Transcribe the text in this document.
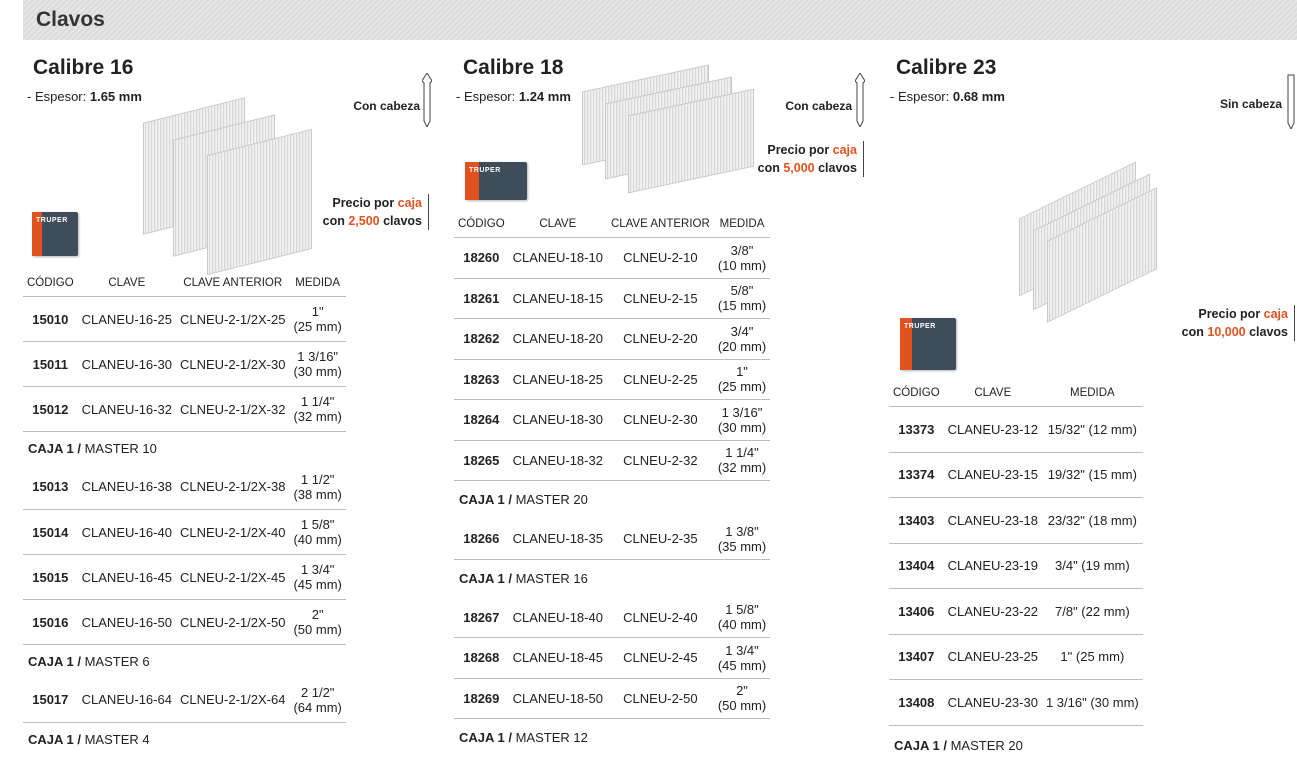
Clavos
Calibre 16
- Espesor: 1.65 mm
Con cabeza
Precio por caja
con 2,500 clavos
TRUPER
CÓDIGO	CLAVE	CLAVE ANTERIOR	MEDIDA
15010	CLANEU-16-25	CLNEU-2-1/2X-25	1"
(25 mm)

15011	CLANEU-16-30	CLNEU-2-1/2X-30	1 3/16"
(30 mm)

15012	CLANEU-16-32	CLNEU-2-1/2X-32	1 1/4"
(32 mm)

CAJA 1 / MASTER 10			
15013	CLANEU-16-38	CLNEU-2-1/2X-38	1 1/2"
(38 mm)

15014	CLANEU-16-40	CLNEU-2-1/2X-40	1 5/8"
(40 mm)

15015	CLANEU-16-45	CLNEU-2-1/2X-45	1 3/4"
(45 mm)

15016	CLANEU-16-50	CLNEU-2-1/2X-50	2"
(50 mm)

CAJA 1 / MASTER 6			
15017	CLANEU-16-64	CLNEU-2-1/2X-64	2 1/2"
(64 mm)

CAJA 1 / MASTER 4			
Calibre 18
- Espesor: 1.24 mm
Con cabeza
Precio por caja
con 5,000 clavos
TRUPER
CÓDIGO	CLAVE	CLAVE ANTERIOR	MEDIDA
18260	CLANEU-18-10	CLNEU-2-10	3/8"
(10 mm)

18261	CLANEU-18-15	CLNEU-2-15	5/8"
(15 mm)

18262	CLANEU-18-20	CLNEU-2-20	3/4"
(20 mm)

18263	CLANEU-18-25	CLNEU-2-25	1"
(25 mm)

18264	CLANEU-18-30	CLNEU-2-30	1 3/16"
(30 mm)

18265	CLANEU-18-32	CLNEU-2-32	1 1/4"
(32 mm)

CAJA 1 / MASTER 20			
18266	CLANEU-18-35	CLNEU-2-35	1 3/8"
(35 mm)

CAJA 1 / MASTER 16			
18267	CLANEU-18-40	CLNEU-2-40	1 5/8"
(40 mm)

18268	CLANEU-18-45	CLNEU-2-45	1 3/4"
(45 mm)

18269	CLANEU-18-50	CLNEU-2-50	2"
(50 mm)

CAJA 1 / MASTER 12			
Calibre 23
- Espesor: 0.68 mm	Sin cabeza
Precio por caja
con 10,000 clavos
TRUPER
CÓDIGO	CLAVE	MEDIDA
13373	CLANEU-23-12	15/32" (12 mm)

13374	CLANEU-23-15	19/32" (15 mm)

13403	CLANEU-23-18	23/32" (18 mm)

13404	CLANEU-23-19	3/4" (19 mm)

13406	CLANEU-23-22	7/8" (22 mm)

13407	CLANEU-23-25	1" (25 mm)

13408	CLANEU-23-30	1 3/16" (30 mm)

CAJA 1 / MASTER 20		
